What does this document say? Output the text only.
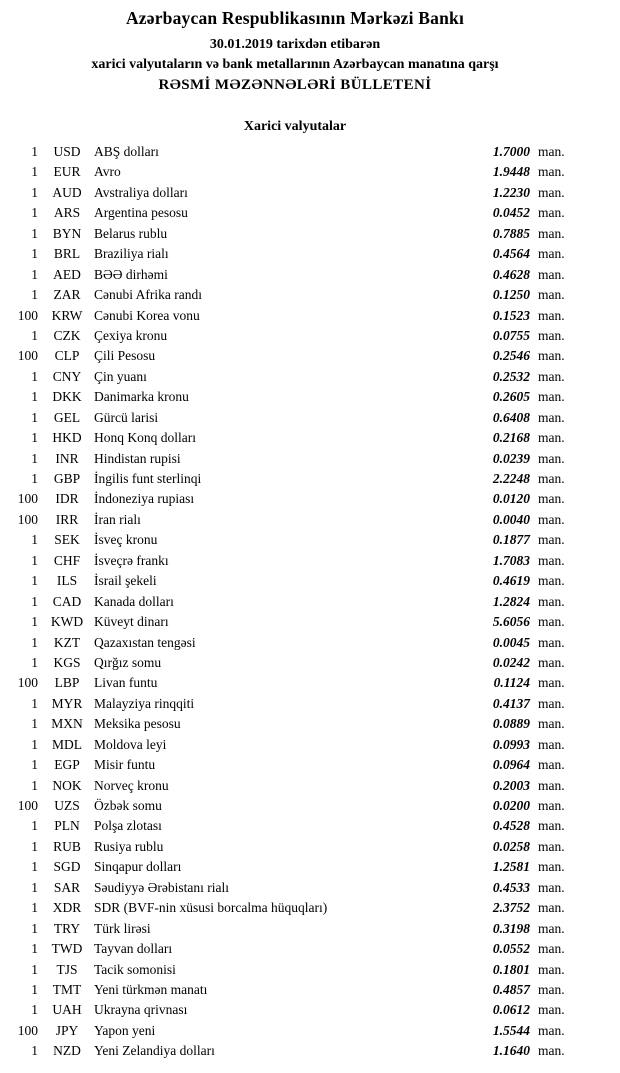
Azərbaycan Respublikasının Mərkəzi Bankı
30.01.2019 tarixdən etibarən
xarici valyutaların və bank metallarının Azərbaycan manatına qarşı
RƏSMİ MƏZƏNNƏLƏRİ BÜLLETENİ
Xarici valyutalar
1	USD	ABŞ dolları	1.7000 man.
1	EUR	Avro	1.9448 man.
1	AUD Avstraliya dolları	1.2230 man.
1	ARS	Argentina pesosu	0.0452 man.
1	BYN Belarus rublu	0.7885 man.
1	BRL	Braziliya rialı	0.4564 man.
1	AED BƏƏ dirhəmi	0.4628 man.
1	ZAR	Cənubi Afrika randı	0.1250 man.
100	KRW Cənubi Korea vonu	0.1523 man.
1	CZK	Çexiya kronu	0.0755 man.
100	CLP	Çili Pesosu	0.2546 man.
1	CNY Çin yuanı	0.2532 man.
1	DKK Danimarka kronu	0.2605 man.
1	GEL	Gürcü larisi	0.6408 man.
1	HKD Honq Konq dolları	0.2168 man.
1	INR	Hindistan rupisi	0.0239 man.
1	GBP	İngilis funt sterlinqi	2.2248 man.
100	IDR	İndoneziya rupiası	0.0120 man.
100	IRR	İran rialı	0.0040 man.
1	SEK	İsveç kronu	0.1877 man.
1	CHF	İsveçrə frankı	1.7083 man.
1	ILS	İsrail şekeli	0.4619 man.
1	CAD Kanada dolları	1.2824 man.
1 KWD Küveyt dinarı	5.6056 man.
1	KZT	Qazaxıstan tengəsi	0.0045 man.
1	KGS	Qırğız somu	0.0242 man.
100	LBP	Livan funtu	0.1124 man.
1	MYR Malayziya rinqqiti	0.4137 man.
1 MXN Meksika pesosu	0.0889 man.
1	MDL Moldova leyi	0.0993 man.
1	EGP	Misir funtu	0.0964 man.
1	NOK Norveç kronu	0.2003 man.
100	UZS	Özbək somu	0.0200 man.
1	PLN	Polşa zlotası	0.4528 man.
1	RUB Rusiya rublu	0.0258 man.
1	SGD	Sinqapur dolları	1.2581 man.
1	SAR	Səudiyyə Ərəbistanı rialı	0.4533 man.
1	XDR SDR (BVF-nin xüsusi borcalma hüquqları)	2.3752 man.
1	TRY	Türk lirəsi	0.3198 man.
1	TWD Tayvan dolları	0.0552 man.
1	TJS	Tacik somonisi	0.1801 man.
1	TMT Yeni türkmən manatı	0.4857 man.
1	UAH Ukrayna qrivnası	0.0612 man.
100	JPY	Yapon yeni	1.5544 man.
1	NZD Yeni Zelandiya dolları	1.1640 man.
